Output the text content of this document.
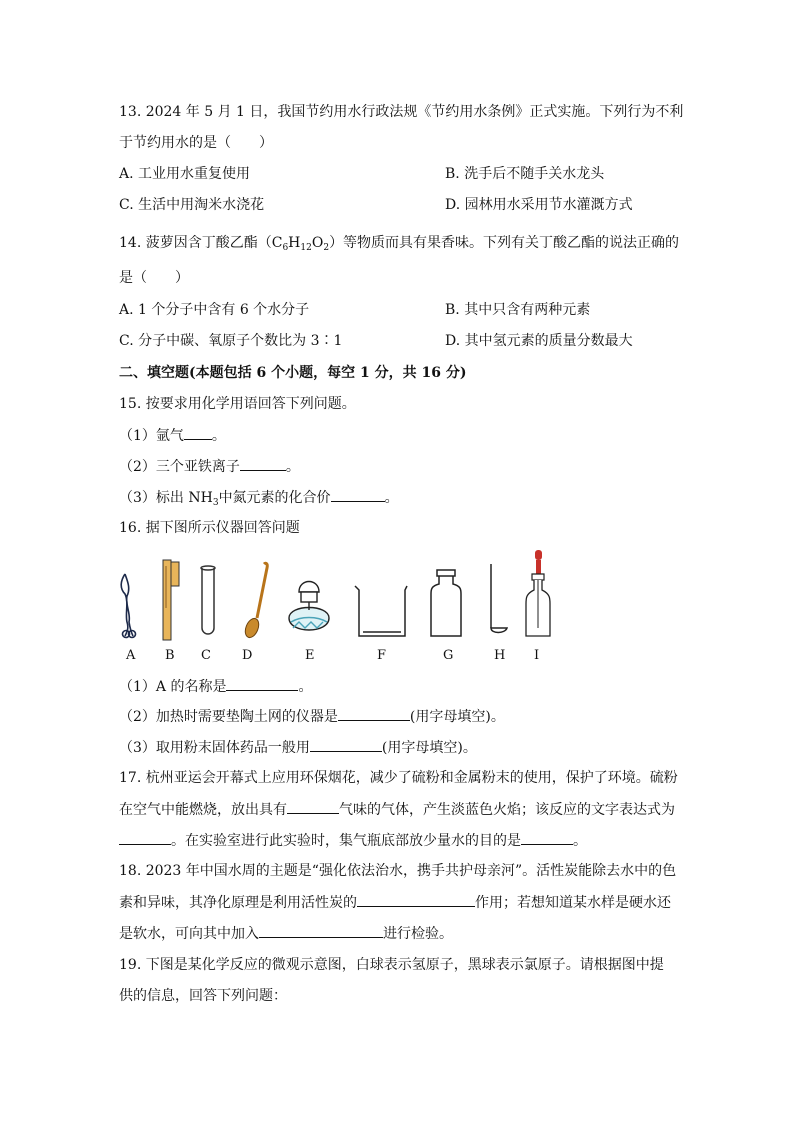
13. 2024 年 5 月 1 日，我国节约用水行政法规《节约用水条例》正式实施。下列行为不利
于节约用水的是（　　）
A. 工业用水重复使用	B. 洗手后不随手关水龙头
C. 生活中用淘米水浇花	D. 园林用水采用节水灌溉方式
14. 菠萝因含丁酸乙酯$(C_6H_{12}O_2)$等物质而具有果香味。下列有关丁酸乙酯的说法正确的
是（　　）
A. 1 个分子中含有 6 个水分子	B. 其中只含有两种元素
C. 分子中碳、氧原子个数比为 3∶1	D. 其中氢元素的质量分数最大
二、填空题(本题包括 6 个小题，每空 1 分，共 16 分)
15. 按要求用化学用语回答下列问题。
（1）氩气 。
（2）三个亚铁离子	。
（3）标出 $NH_3$中氮元素的化合价	。
16. 据下图所示仪器回答问题
A B C D	E	F	G	H I
（1）A 的名称是	。
（2）加热时需要垫陶土网的仪器是	(用字母填空)。
（3）取用粉末固体药品一般用	(用字母填空)。
17. 杭州亚运会开幕式上应用环保烟花，减少了硫粉和金属粉末的使用，保护了环境。硫粉
在空气中能燃烧，放出具有	气味的气体，产生淡蓝色火焰；该反应的文字表达式为
。在实验室进行此实验时，集气瓶底部放少量水的目的是	。
18. 2023 年中国水周的主题是“强化依法治水，携手共护母亲河”。活性炭能除去水中的色
素和异味，其净化原理是利用活性炭的	作用；若想知道某水样是硬水还
是软水，可向其中加入	进行检验。
19. 下图是某化学反应的微观示意图，白球表示氢原子，黑球表示氯原子。请根据图中提
供的信息，回答下列问题：
